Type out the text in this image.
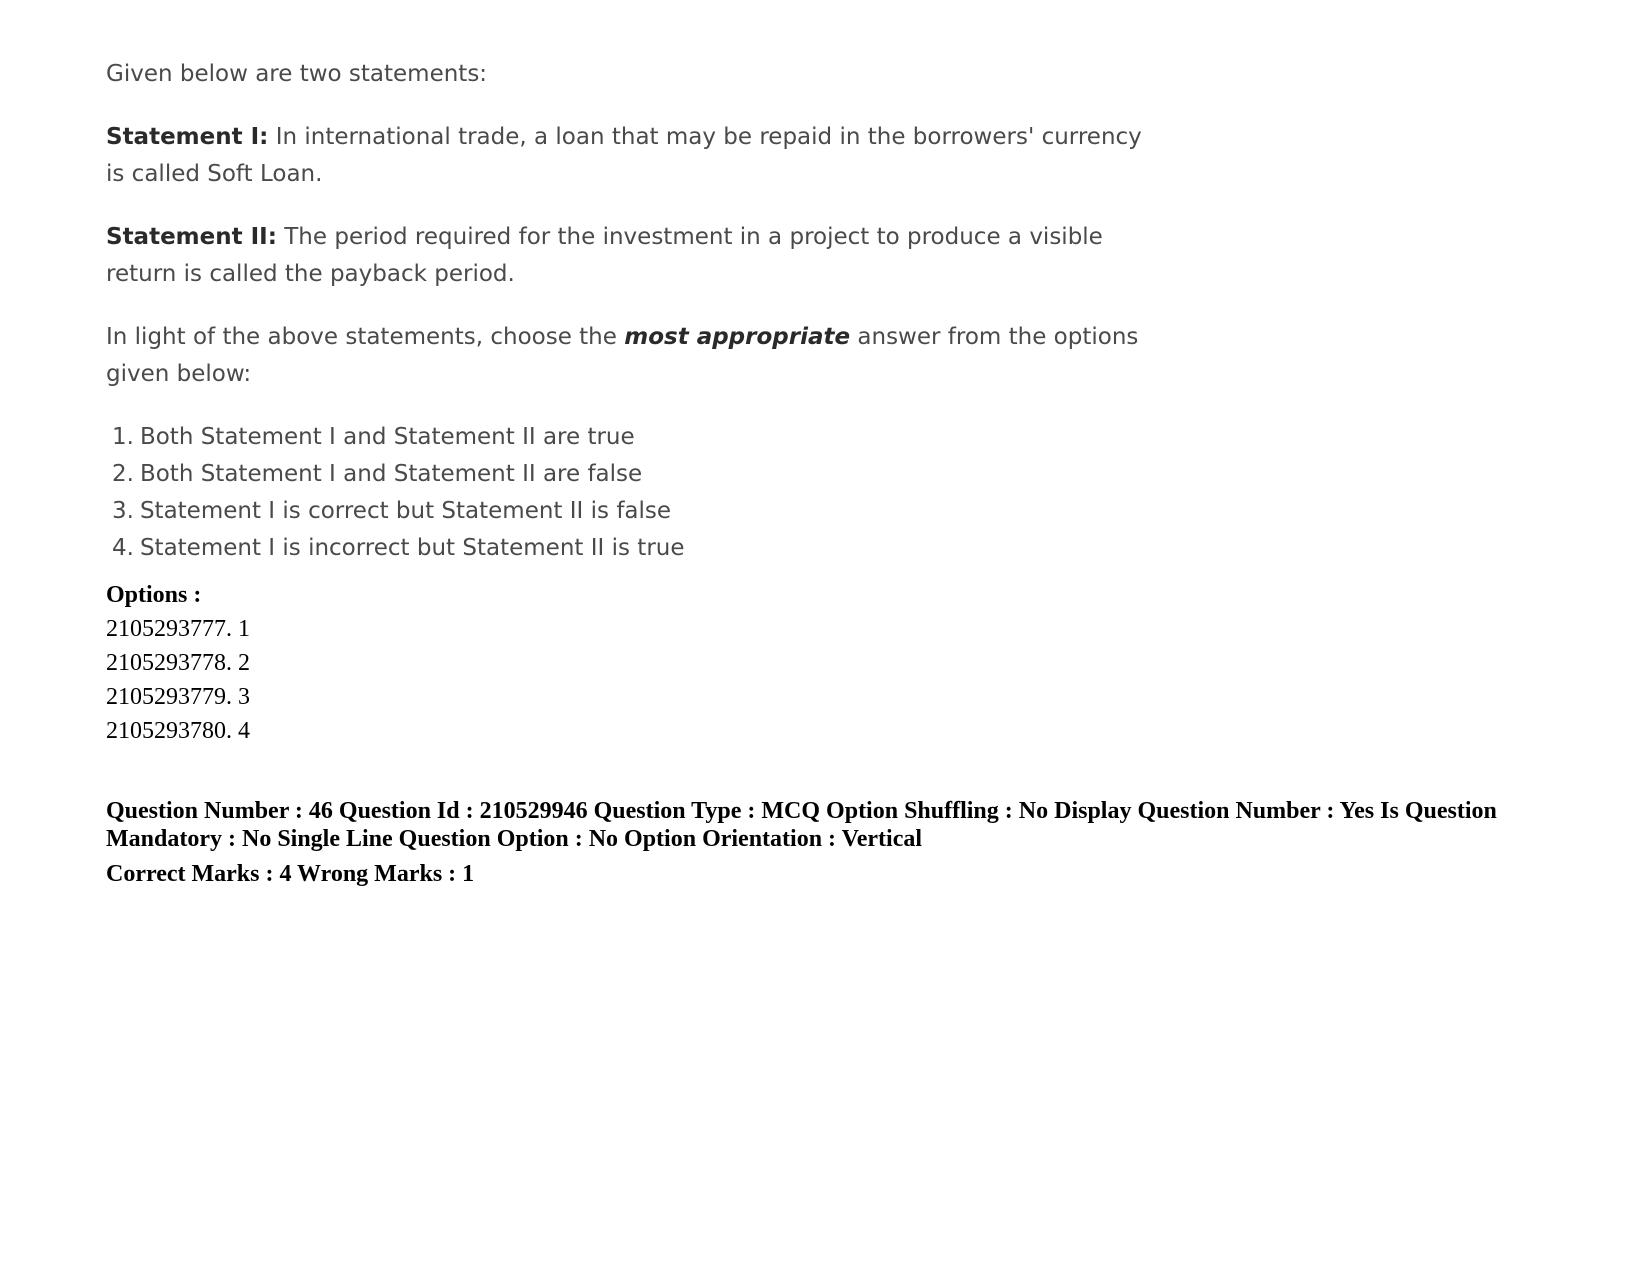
Given below are two statements:

Statement I: In international trade, a loan that may be repaid in the borrowers' currency is called Soft Loan.

Statement II: The period required for the investment in a project to produce a visible return is called the payback period.

In light of the above statements, choose the most appropriate answer from the options given below:

1. Both Statement I and Statement II are true
2. Both Statement I and Statement II are false
3. Statement I is correct but Statement II is false
4. Statement I is incorrect but Statement II is true
Options :
2105293777. 1
2105293778. 2
2105293779. 3
2105293780. 4
Question Number : 46 Question Id : 210529946 Question Type : MCQ Option Shuffling : No Display Question Number : Yes Is Question Mandatory : No Single Line Question Option : No Option Orientation : Vertical
Correct Marks : 4 Wrong Marks : 1
